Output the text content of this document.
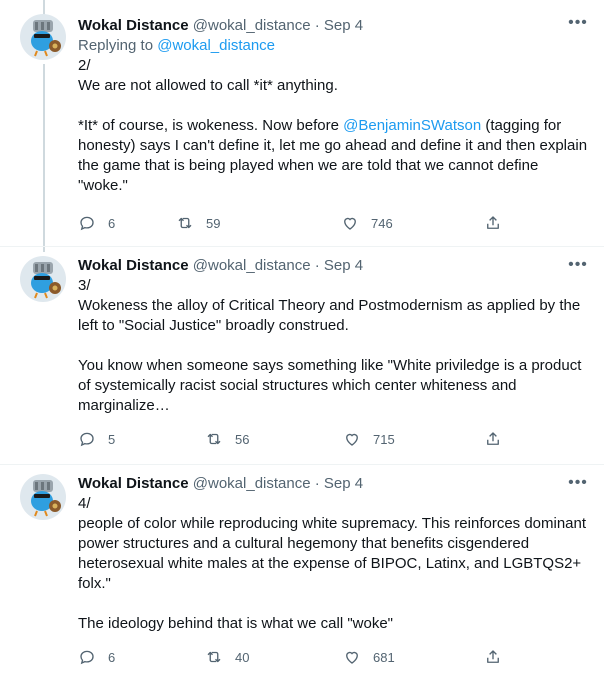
•••
Wokal Distance @wokal_distance · Sep 4
Replying to @wokal_distance

2/

We are not allowed to call *it* anything.

*It* of course, is wokeness. Now before @BenjaminSWatson (tagging for honesty) says I can't define it, let me go ahead and define it and then explain the game that is being played when we are told that we cannot define "woke."

6	59	746
•••
Wokal Distance @wokal_distance · Sep 4

3/
Wokeness the alloy of Critical Theory and Postmodernism as applied by the left to "Social Justice" broadly construed.

You know when someone says something like "White priviledge is a product of systemically racist social structures which center whiteness and marginalize…

5	56	715
•••
Wokal Distance @wokal_distance · Sep 4

4/
people of color while reproducing white supremacy. This reinforces dominant power structures and a cultural hegemony that benefits cisgendered heterosexual white males at the expense of BIPOC, Latinx, and LGBTQS2+ folx."

The ideology behind that is what we call "woke"

6	40	681
